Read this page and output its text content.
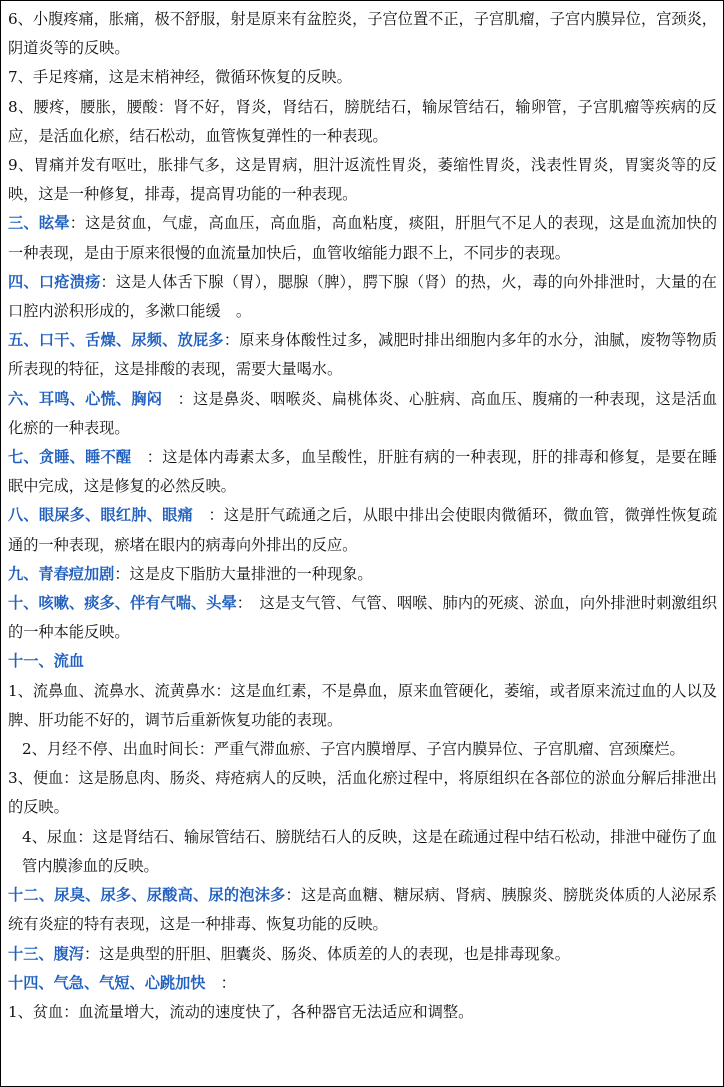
6、小腹疼痛，胀痛，极不舒服，射是原来有盆腔炎，子宫位置不正，子宫肌瘤，子宫内膜异位，宫颈炎，阴道炎等的反映。

7、手足疼痛，这是末梢神经，微循环恢复的反映。

8、腰疼，腰胀，腰酸：肾不好，肾炎，肾结石，膀胱结石，输尿管结石，输卵管，子宫肌瘤等疾病的反应，是活血化瘀，结石松动，血管恢复弹性的一种表现。

9、胃痛并发有呕吐，胀排气多，这是胃病，胆汁返流性胃炎，萎缩性胃炎，浅表性胃炎，胃窦炎等的反映，这是一种修复，排毒，提高胃功能的一种表现。

三、眩晕：这是贫血，气虚，高血压，高血脂，高血粘度，痰阻，肝胆气不足人的表现，这是血流加快的一种表现，是由于原来很慢的血流量加快后，血管收缩能力跟不上，不同步的表现。

四、口疮溃疡：这是人体舌下腺（胃），腮腺（脾），腭下腺（肾）的热，火，毒的向外排泄时，大量的在口腔内淤积形成的，多漱口能缓　。

五、口干、舌燥、尿频、放屁多：原来身体酸性过多，减肥时排出细胞内多年的水分，油腻，废物等物质所表现的特征，这是排酸的表现，需要大量喝水。

六、耳鸣、心慌、胸闷　：这是鼻炎、咽喉炎、扁桃体炎、心脏病、高血压、腹痛的一种表现，这是活血化瘀的一种表现。

七、贪睡、睡不醒　：这是体内毒素太多，血呈酸性，肝脏有病的一种表现，肝的排毒和修复，是要在睡眠中完成，这是修复的必然反映。

八、眼屎多、眼红肿、眼痛　：这是肝气疏通之后，从眼中排出会使眼肉微循环，微血管，微弹性恢复疏通的一种表现，瘀堵在眼内的病毒向外排出的反应。

九、青春痘加剧：这是皮下脂肪大量排泄的一种现象。

十、咳嗽、痰多、伴有气喘、头晕：　这是支气管、气管、咽喉、肺内的死痰、淤血，向外排泄时刺激组织的一种本能反映。

十一、流血

1、流鼻血、流鼻水、流黄鼻水：这是血红素，不是鼻血，原来血管硬化，萎缩，或者原来流过血的人以及脾、肝功能不好的，调节后重新恢复功能的表现。

2、月经不停、出血时间长：严重气滞血瘀、子宫内膜增厚、子宫内膜异位、子宫肌瘤、宫颈糜烂。

3、便血：这是肠息肉、肠炎、痔疮病人的反映，活血化瘀过程中，将原组织在各部位的淤血分解后排泄出的反映。

4、尿血：这是肾结石、输尿管结石、膀胱结石人的反映，这是在疏通过程中结石松动，排泄中碰伤了血管内膜渗血的反映。

十二、尿臭、尿多、尿酸高、尿的泡沫多：这是高血糖、糖尿病、肾病、胰腺炎、膀胱炎体质的人泌尿系统有炎症的特有表现，这是一种排毒、恢复功能的反映。

十三、腹泻：这是典型的肝胆、胆囊炎、肠炎、体质差的人的表现，也是排毒现象。

十四、气急、气短、心跳加快　：

1、贫血：血流量增大，流动的速度快了，各种器官无法适应和调整。
